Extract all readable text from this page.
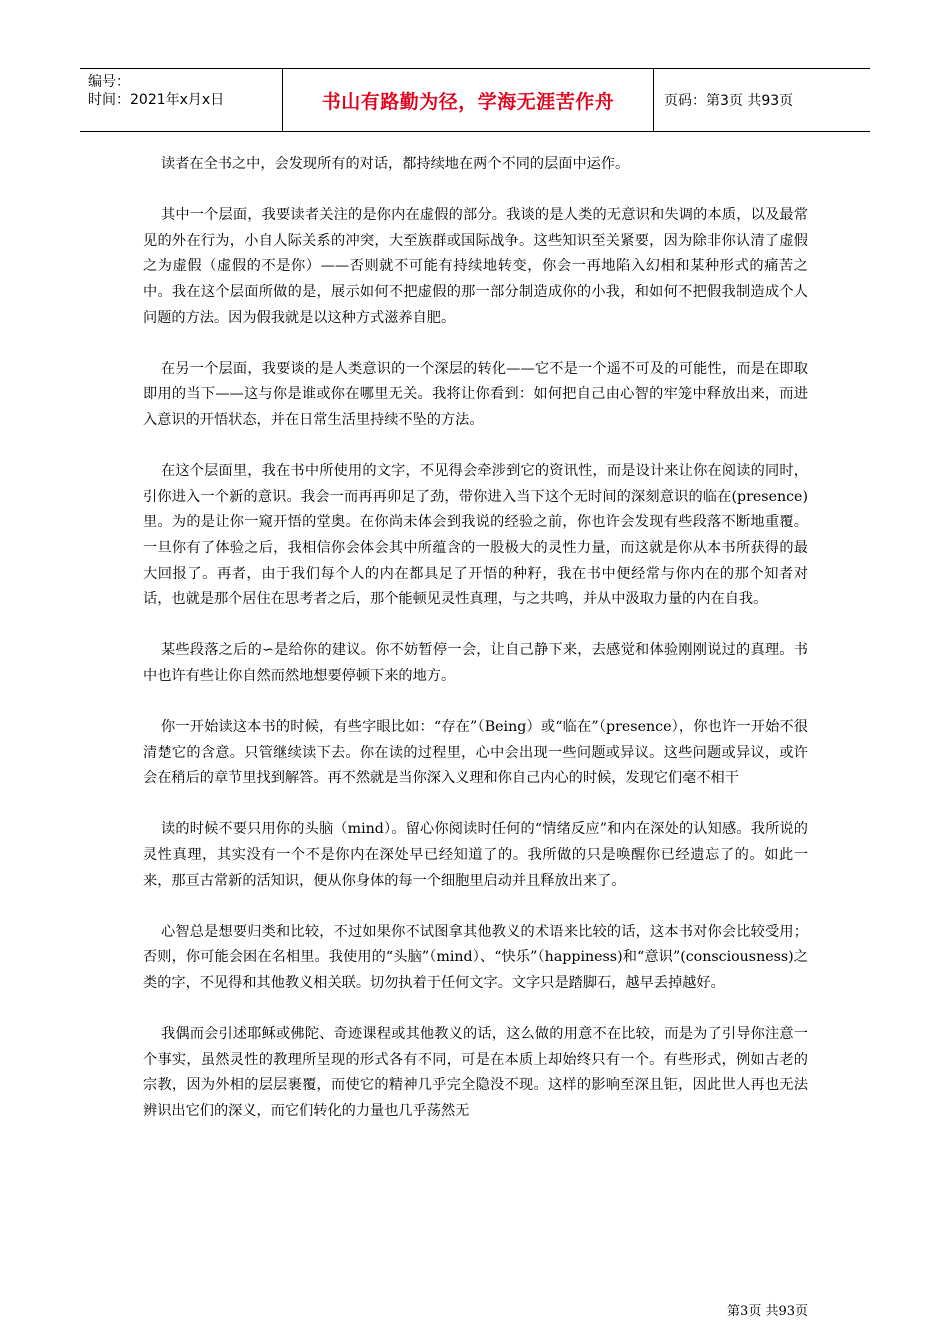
编号：
时间：2021年x月x日	书山有路勤为径，学海无涯苦作舟	页码：第3页 共93页

读者在全书之中，会发现所有的对话，都持续地在两个不同的层面中运作。

其中一个层面，我要读者关注的是你内在虚假的部分。我谈的是人类的无意识和失调的本质，以及最常见的外在行为，小自人际关系的冲突，大至族群或国际战争。这些知识至关紧要，因为除非你认清了虚假之为虚假（虚假的不是你）——否则就不可能有持续地转变，你会一再地陷入幻相和某种形式的痛苦之中。我在这个层面所做的是，展示如何不把虚假的那一部分制造成你的小我，和如何不把假我制造成个人问题的方法。因为假我就是以这种方式滋养自肥。

在另一个层面，我要谈的是人类意识的一个深层的转化——它不是一个遥不可及的可能性，而是在即取即用的当下——这与你是谁或你在哪里无关。我将让你看到：如何把自己由心智的牢笼中释放出来，而进入意识的开悟状态，并在日常生活里持续不坠的方法。

在这个层面里，我在书中所使用的文字，不见得会牵涉到它的资讯性，而是设计来让你在阅读的同时，引你进入一个新的意识。我会一而再再卯足了劲，带你进入当下这个无时间的深刻意识的临在(presence)里。为的是让你一窥开悟的堂奥。在你尚未体会到我说的经验之前，你也许会发现有些段落不断地重覆。一旦你有了体验之后，我相信你会体会其中所蕴含的一股极大的灵性力量，而这就是你从本书所获得的最大回报了。再者，由于我们每个人的内在都具足了开悟的种籽，我在书中便经常与你内在的那个知者对话，也就是那个居住在思考者之后，那个能顿见灵性真理，与之共鸣，并从中汲取力量的内在自我。

某些段落之后的∽是给你的建议。你不妨暂停一会，让自己静下来，去感觉和体验刚刚说过的真理。书中也许有些让你自然而然地想要停顿下来的地方。

你一开始读这本书的时候，有些字眼比如：“存在”（Being）或“临在”（presence），你也许一开始不很清楚它的含意。只管继续读下去。你在读的过程里，心中会出现一些问题或异议。这些问题或异议，或许会在稍后的章节里找到解答。再不然就是当你深入义理和你自己内心的时候，发现它们毫不相干

读的时候不要只用你的头脑（mind）。留心你阅读时任何的“情绪反应”和内在深处的认知感。我所说的灵性真理，其实没有一个不是你内在深处早已经知道了的。我所做的只是唤醒你已经遗忘了的。如此一来，那亘古常新的活知识，便从你身体的每一个细胞里启动并且释放出来了。

心智总是想要归类和比较，不过如果你不试图拿其他教义的术语来比较的话，这本书对你会比较受用；否则，你可能会困在名相里。我使用的“头脑”（mind）、“快乐”（happiness)和“意识”(consciousness)之类的字，不见得和其他教义相关联。切勿执着于任何文字。文字只是踏脚石，越早丢掉越好。

我偶而会引述耶稣或佛陀、奇迹课程或其他教义的话，这么做的用意不在比较，而是为了引导你注意一个事实，虽然灵性的教理所呈现的形式各有不同，可是在本质上却始终只有一个。有些形式，例如古老的宗教，因为外相的层层裹覆，而使它的精神几乎完全隐没不现。这样的影响至深且钜，因此世人再也无法辨识出它们的深义，而它们转化的力量也几乎荡然无

第3页 共93页
